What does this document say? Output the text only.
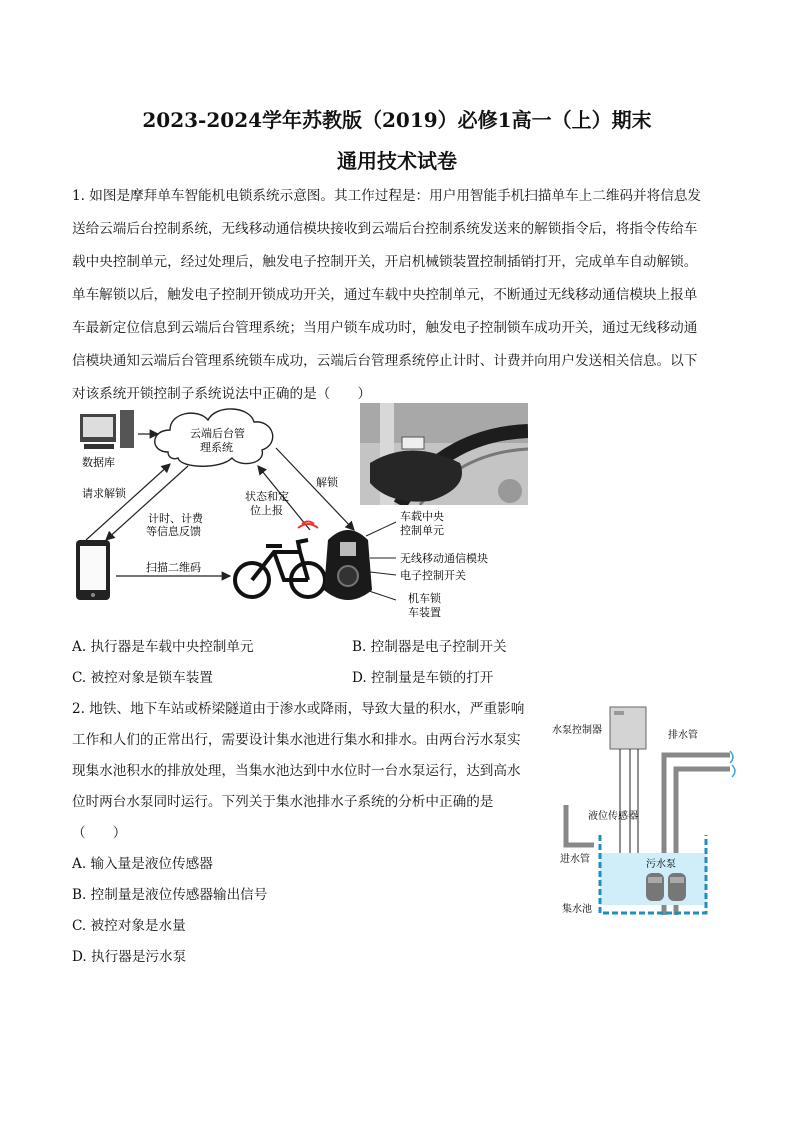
2023-2024学年苏教版（2019）必修1高一（上）期末
通用技术试卷
1. 如图是摩拜单车智能机电锁系统示意图。其工作过程是：用户用智能手机扫描单车上二维码并将信息发
送给云端后台控制系统，无线移动通信模块接收到云端后台控制系统发送来的解锁指令后，将指令传给车
载中央控制单元，经过处理后，触发电子控制开关，开启机械锁装置控制插销打开，完成单车自动解锁。
单车解锁以后，触发电子控制开锁成功开关，通过车载中央控制单元，不断通过无线移动通信模块上报单
车最新定位信息到云端后台管理系统；当用户锁车成功时，触发电子控制锁车成功开关，通过无线移动通
信模块通知云端后台管理系统锁车成功，云端后台管理系统停止计时、计费并向用户发送相关信息。以下
对该系统开锁控制子系统说法中正确的是（　　）
数据库
云端后台管
理系统
请求解锁
计时、计费
等信息反馈
状态和定
位上报
解锁
扫描二维码
车载中央
控制单元
无线移动通信模块
电子控制开关
机车锁
车装置
A. 执行器是车载中央控制单元	B. 控制器是电子控制开关
C. 被控对象是锁车装置	D. 控制量是车锁的打开
2. 地铁、地下车站或桥梁隧道由于渗水或降雨，导致大量的积水，严重影响
工作和人们的正常出行，需要设计集水池进行集水和排水。由两台污水泵实
现集水池积水的排放处理，当集水池达到中水位时一台水泵运行，达到高水
位时两台水泵同时运行。下列关于集水池排水子系统的分析中正确的是
（　　）
A. 输入量是液位传感器
B. 控制量是液位传感器输出信号
C. 被控对象是水量
D. 执行器是污水泵
水泵控制器	排水管
液位传感器
进水管	污水泵
集水池
